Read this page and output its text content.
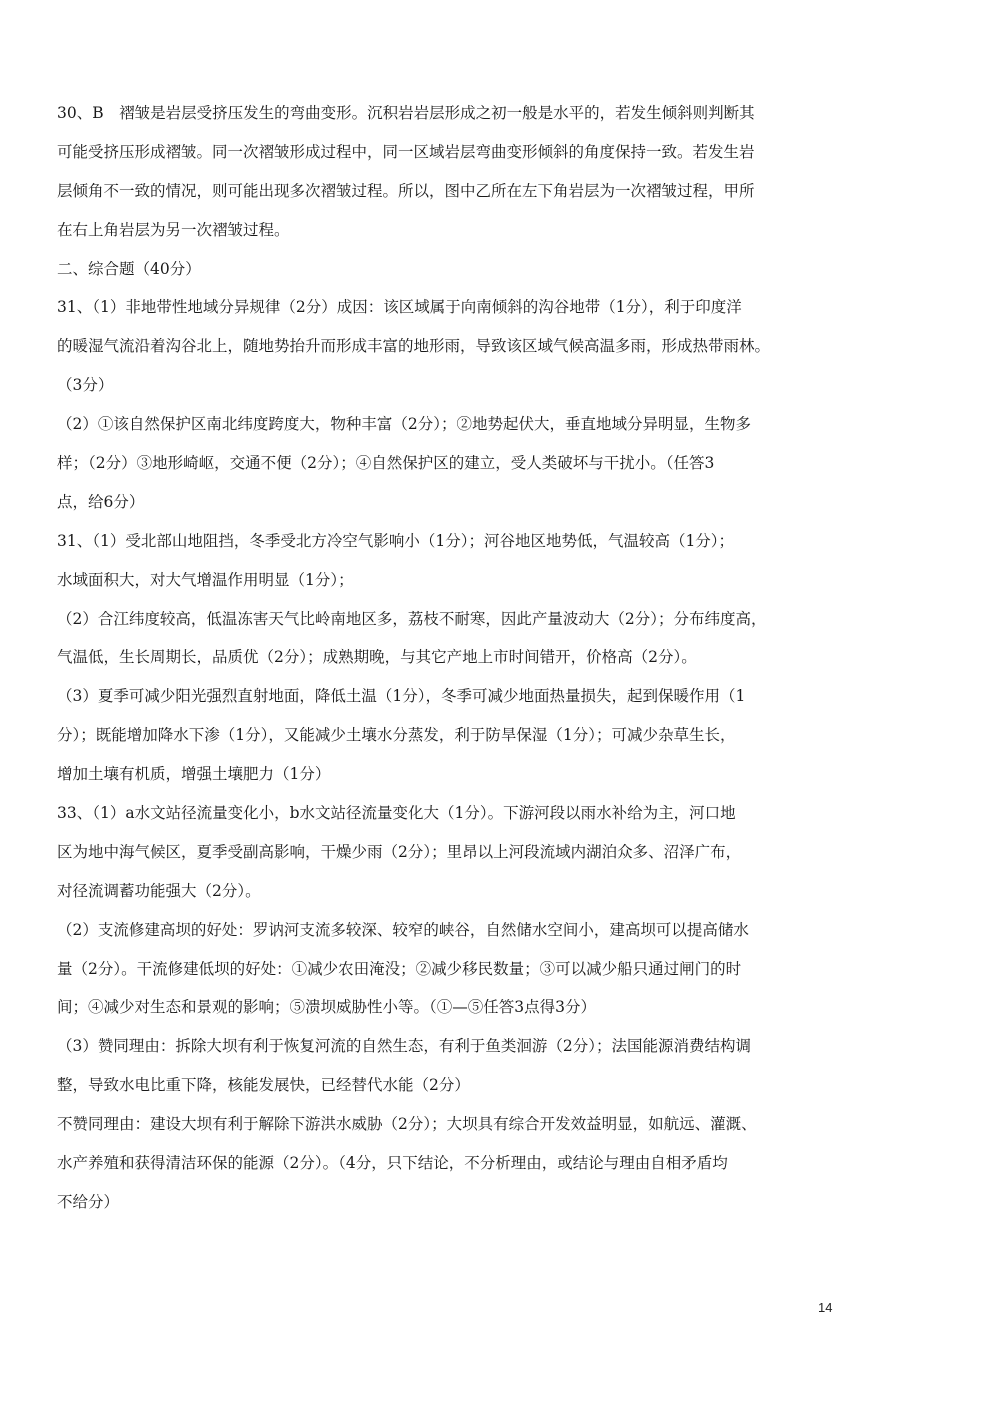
30、B　褶皱是岩层受挤压发生的弯曲变形。沉积岩岩层形成之初一般是水平的，若发生倾斜则判断其
可能受挤压形成褶皱。同一次褶皱形成过程中，同一区域岩层弯曲变形倾斜的角度保持一致。若发生岩
层倾角不一致的情况，则可能出现多次褶皱过程。所以，图中乙所在左下角岩层为一次褶皱过程，甲所
在右上角岩层为另一次褶皱过程。
二、综合题（40分）
31、（1）非地带性地域分异规律（2分）成因：该区域属于向南倾斜的沟谷地带（1分），利于印度洋
的暖湿气流沿着沟谷北上，随地势抬升而形成丰富的地形雨，导致该区域气候高温多雨，形成热带雨林。
（3分）
（2）①该自然保护区南北纬度跨度大，物种丰富（2分）；②地势起伏大，垂直地域分异明显，生物多
样；（2分）③地形崎岖，交通不便（2分）；④自然保护区的建立，受人类破坏与干扰小。（任答3
点，给6分）
31、（1）受北部山地阻挡，冬季受北方冷空气影响小（1分）；河谷地区地势低，气温较高（1分）；
水域面积大，对大气增温作用明显（1分）；
（2）合江纬度较高，低温冻害天气比岭南地区多，荔枝不耐寒，因此产量波动大（2分）；分布纬度高，
气温低，生长周期长，品质优（2分）；成熟期晚，与其它产地上市时间错开，价格高（2分）。
（3）夏季可减少阳光强烈直射地面，降低土温（1分），冬季可减少地面热量损失，起到保暖作用（1
分）；既能增加降水下渗（1分），又能减少土壤水分蒸发，利于防旱保湿（1分）；可减少杂草生长，
增加土壤有机质，增强土壤肥力（1分）
33、（1）a水文站径流量变化小，b水文站径流量变化大（1分）。下游河段以雨水补给为主，河口地
区为地中海气候区，夏季受副高影响，干燥少雨（2分）；里昂以上河段流域内湖泊众多、沼泽广布，
对径流调蓄功能强大（2分）。
（2）支流修建高坝的好处：罗讷河支流多较深、较窄的峡谷，自然储水空间小，建高坝可以提高储水
量（2分）。干流修建低坝的好处：①减少农田淹没；②减少移民数量；③可以减少船只通过闸门的时
间；④减少对生态和景观的影响；⑤溃坝威胁性小等。（①—⑤任答3点得3分）
（3）赞同理由：拆除大坝有利于恢复河流的自然生态，有利于鱼类洄游（2分）；法国能源消费结构调
整，导致水电比重下降，核能发展快，已经替代水能（2分）
不赞同理由：建设大坝有利于解除下游洪水威胁（2分）；大坝具有综合开发效益明显，如航远、灌溉、
水产养殖和获得清洁环保的能源（2分）。（4分，只下结论，不分析理由，或结论与理由自相矛盾均
不给分）
14
